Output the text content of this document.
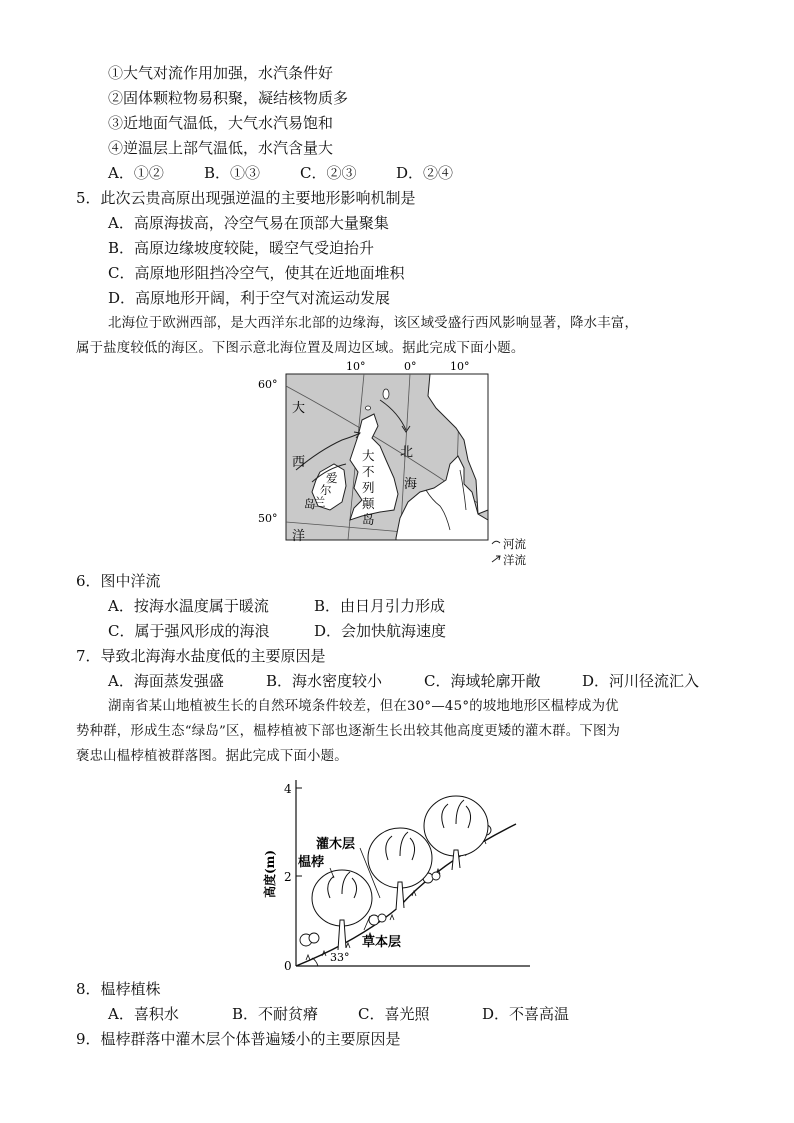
①大气对流作用加强，水汽条件好
②固体颗粒物易积聚，凝结核物质多
③近地面气温低，大气水汽易饱和
④逆温层上部气温低，水汽含量大
A．①②	B．①③	C．②③	D．②④
5．此次云贵高原出现强逆温的主要地形影响机制是
A．高原海拔高，冷空气易在顶部大量聚集
B．高原边缘坡度较陡，暖空气受迫抬升
C．高原地形阻挡冷空气，使其在近地面堆积
D．高原地形开阔，利于空气对流运动发展
北海位于欧洲西部，是大西洋东北部的边缘海，该区域受盛行西风影响显著，降水丰富，
属于盐度较低的海区。下图示意北海位置及周边区域。据此完成下面小题。
10°	0°	10°
60°
50°
大
西
洋
大
不
列
颠
岛
爱
尔
兰
岛
北
海
河流
洋流
6．图中洋流
A．按海水温度属于暖流	B．由日月引力形成
C．属于强风形成的海浪	D．会加快航海速度
7．导致北海海水盐度低的主要原因是
A．海面蒸发强盛	B．海水密度较小	C．海域轮廓开敞	D．河川径流汇入
湖南省某山地植被生长的自然环境条件较差，但在30°—45°的坡地地形区榅桲成为优
势种群，形成生态“绿岛”区，榅桲植被下部也逐渐生长出较其他高度更矮的灌木群。下图为
褒忠山榅桲植被群落图。据此完成下面小题。
4
2
0
高度(m)
33°
灌木层
榅桲
草本层
8．榅桲植株
A．喜积水	B．不耐贫瘠	C．喜光照	D．不喜高温
9．榅桲群落中灌木层个体普遍矮小的主要原因是
